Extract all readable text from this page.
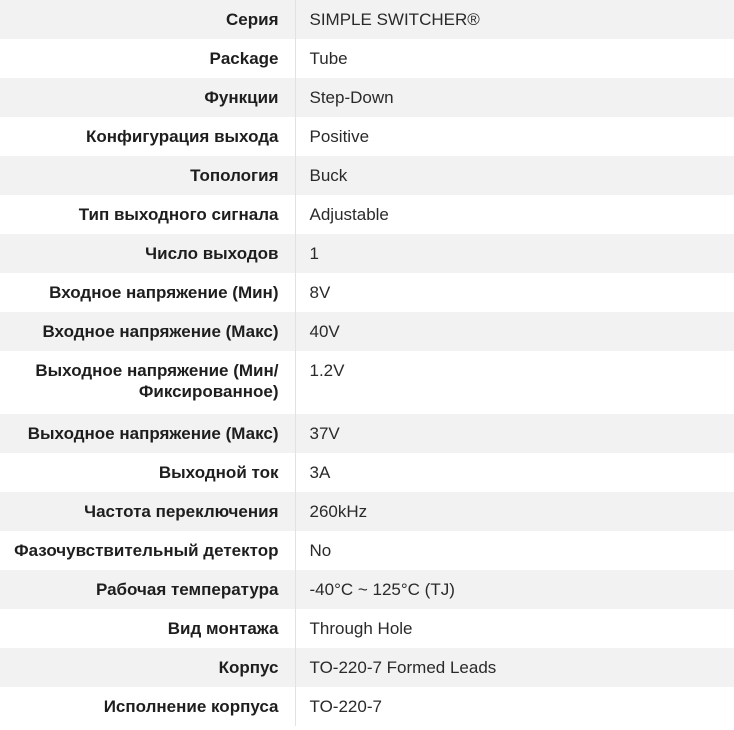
Серия	SIMPLE SWITCHER®
Package	Tube
Функции	Step-Down
Конфигурация выхода	Positive
Топология	Buck
Тип выходного сигнала	Adjustable
Число выходов	1
Входное напряжение (Мин)	8V
Входное напряжение (Макс)	40V
Выходное напряжение (Мин/ Фиксированное)	1.2V
Выходное напряжение (Макс)	37V
Выходной ток	3A
Частота переключения	260kHz
Фазочувствительный детектор	No
Рабочая температура	-40°C ~ 125°C (TJ)
Вид монтажа	Through Hole
Корпус	TO-220-7 Formed Leads
Исполнение корпуса	TO-220-7
